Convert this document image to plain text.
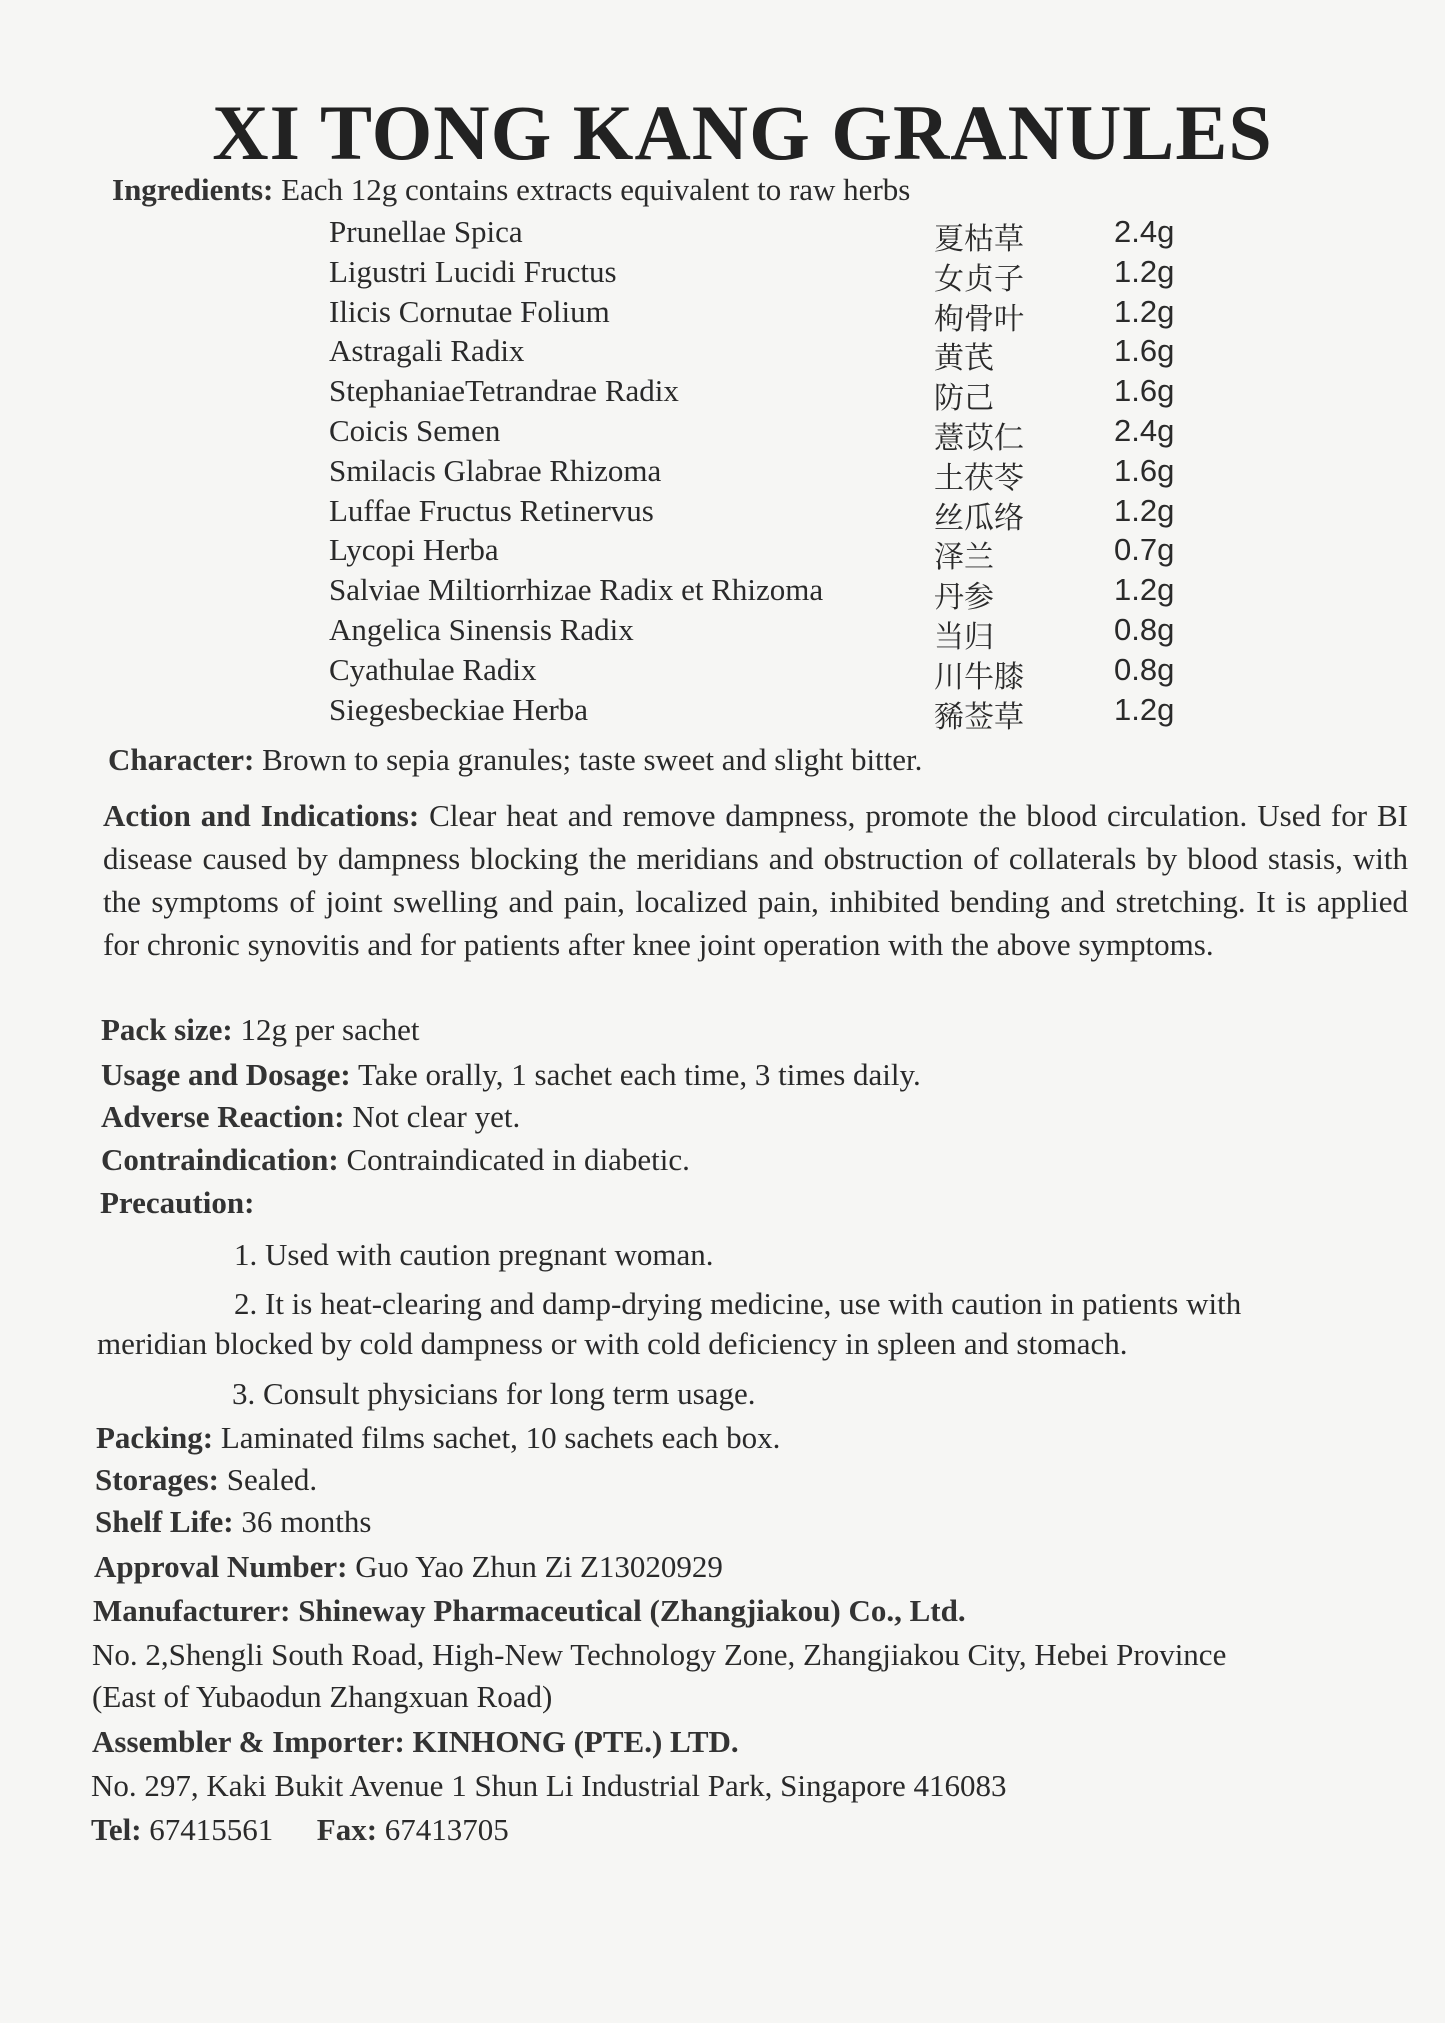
XI TONG KANG GRANULES
Ingredients: Each 12g contains extracts equivalent to raw herbs
Prunellae Spica	夏枯草	2.4g
Ligustri Lucidi Fructus	女贞子	1.2g
Ilicis Cornutae Folium	枸骨叶	1.2g
Astragali Radix	黄芪	1.6g
StephaniaeTetrandrae Radix	防己	1.6g
Coicis Semen	薏苡仁	2.4g
Smilacis Glabrae Rhizoma	土茯苓	1.6g
Luffae Fructus Retinervus	丝瓜络	1.2g
Lycopi Herba	泽兰	0.7g
Salviae Miltiorrhizae Radix et Rhizoma	丹参	1.2g
Angelica Sinensis Radix	当归	0.8g
Cyathulae Radix	川牛膝	0.8g
Siegesbeckiae Herba	豨莶草	1.2g
Character: Brown to sepia granules; taste sweet and slight bitter.
Action and Indications: Clear heat and remove dampness, promote the blood circulation. Used for BI disease caused by dampness blocking the meridians and obstruction of collaterals by blood stasis, with the symptoms of joint swelling and pain, localized pain, inhibited bending and stretching. It is applied for chronic synovitis and for patients after knee joint operation with the above symptoms.
Pack size: 12g per sachet
Usage and Dosage: Take orally, 1 sachet each time, 3 times daily.
Adverse Reaction: Not clear yet.
Contraindication: Contraindicated in diabetic.
Precaution:
1. Used with caution pregnant woman.
2. It is heat-clearing and damp-drying medicine, use with caution in patients with
meridian blocked by cold dampness or with cold deficiency in spleen and stomach.
3. Consult physicians for long term usage.
Packing: Laminated films sachet, 10 sachets each box.
Storages: Sealed.
Shelf Life: 36 months
Approval Number: Guo Yao Zhun Zi Z13020929
Manufacturer: Shineway Pharmaceutical (Zhangjiakou) Co., Ltd.
No. 2,Shengli South Road, High-New Technology Zone, Zhangjiakou City, Hebei Province
(East of Yubaodun Zhangxuan Road)
Assembler & Importer: KINHONG (PTE.) LTD.
No. 297, Kaki Bukit Avenue 1 Shun Li Industrial Park, Singapore 416083
Tel: 67415561 Fax: 67413705
